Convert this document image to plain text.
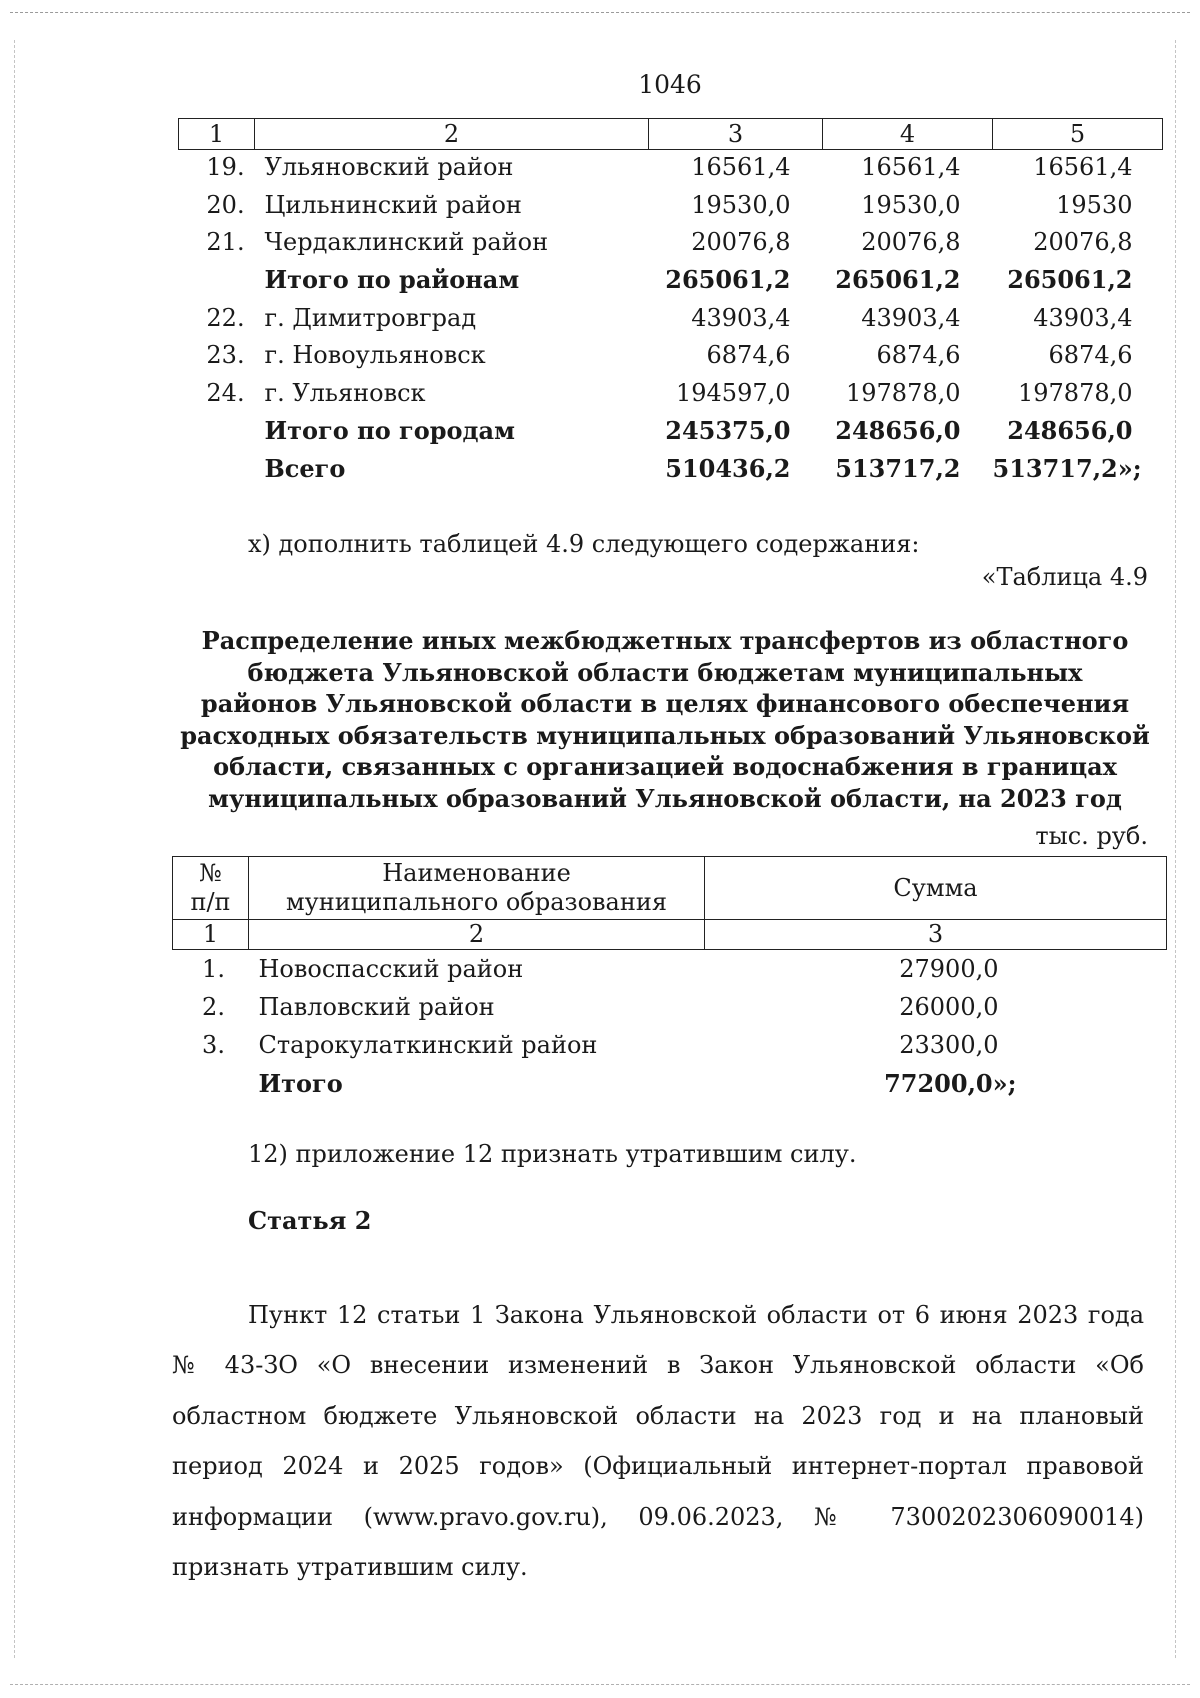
1046
1	2	3	4	5
19.	Ульяновский район	16561,4	16561,4	16561,4
20.	Цильнинский район	19530,0	19530,0	19530
21.	Чердаклинский район	20076,8	20076,8	20076,8
	Итого по районам	265061,2	265061,2	265061,2
22.	г. Димитровград	43903,4	43903,4	43903,4
23.	г. Новоульяновск	6874,6	6874,6	6874,6
24.	г. Ульяновск	194597,0	197878,0	197878,0
	Итого по городам	245375,0	248656,0	248656,0
	Всего	510436,2	513717,2	513717,2»;
х) дополнить таблицей 4.9 следующего содержания:
«Таблица 4.9
Распределение иных межбюджетных трансфертов из областного
бюджета Ульяновской области бюджетам муниципальных
районов Ульяновской области в целях финансового обеспечения
расходных обязательств муниципальных образований Ульяновской
области, связанных с организацией водоснабжения в границах
муниципальных образований Ульяновской области, на 2023 год
тыс. руб.
№
п/п	Наименование
муниципального образования	Сумма
1	2	3
1.	Новоспасский район	27900,0
2.	Павловский район	26000,0
3.	Старокулаткинский район	23300,0
	Итого	77200,0»;
12) приложение 12 признать утратившим силу.
Статья 2

Пункт 12 статьи 1 Закона Ульяновской области от 6 июня 2023 года № 43-ЗО «О внесении изменений в Закон Ульяновской области «Об областном бюджете Ульяновской области на 2023 год и на плановый период 2024 и 2025 годов» (Официальный интернет-портал правовой информации (www.pravo.gov.ru), 09.06.2023, № 7300202306090014) признать утратившим силу.
